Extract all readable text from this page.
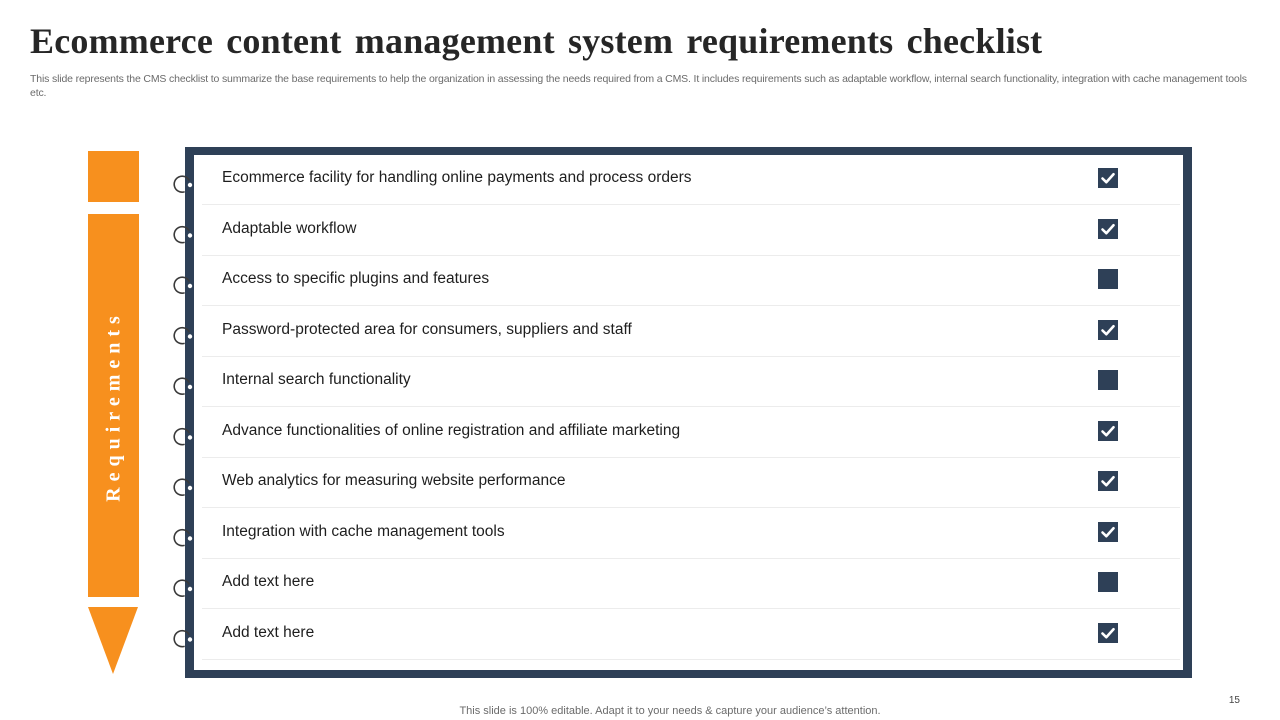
Ecommerce content management system requirements checklist

This slide represents the CMS checklist to summarize the base requirements to help the organization in assessing the needs required from a CMS. It includes requirements such as adaptable workflow, internal search functionality, integration with cache management tools etc.

Requirements
Ecommerce facility for handling online payments and process orders
Adaptable workflow
Access to specific plugins and features
Password-protected area for consumers, suppliers and staff
Internal search functionality
Advance functionalities of online registration and affiliate marketing
Web analytics for measuring website performance
Integration with cache management tools
Add text here
Add text here
15
This slide is 100% editable. Adapt it to your needs & capture your audience’s attention.
